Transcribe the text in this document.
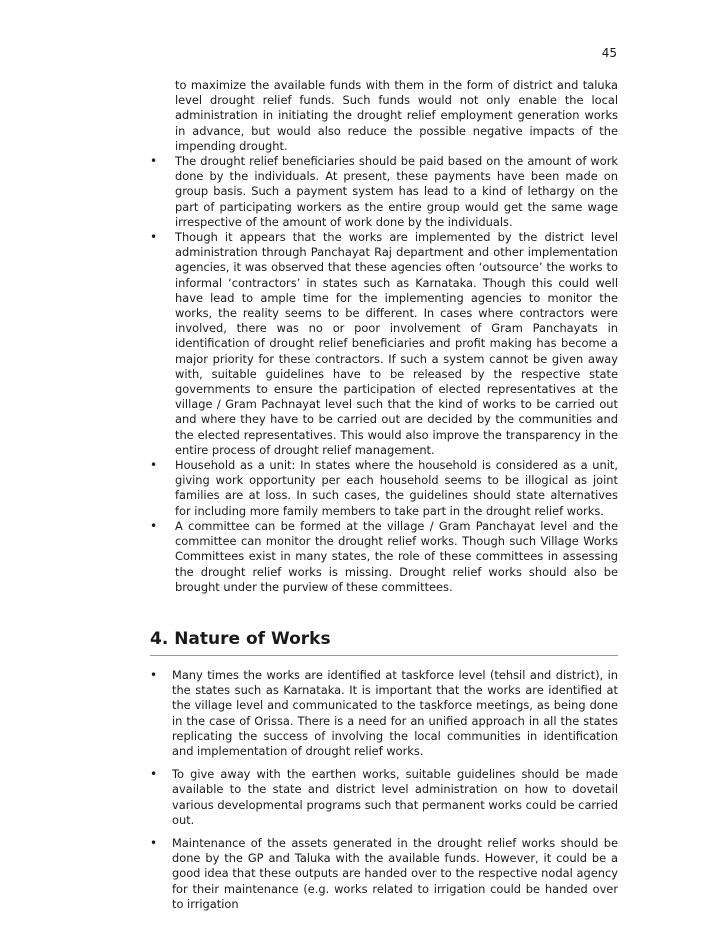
45

to maximize the available funds with them in the form of district and taluka level drought relief funds. Such funds would not only enable the local administration in initiating the drought relief employment generation works in advance, but would also reduce the possible negative impacts of the impending drought.

• The drought relief beneficiaries should be paid based on the amount of work done by the individuals. At present, these payments have been made on group basis. Such a payment system has lead to a kind of lethargy on the part of participating workers as the entire group would get the same wage irrespective of the amount of work done by the individuals.
• Though it appears that the works are implemented by the district level administration through Panchayat Raj department and other implementation agencies, it was observed that these agencies often ‘outsource’ the works to informal ‘contractors’ in states such as Karnataka. Though this could well have lead to ample time for the implementing agencies to monitor the works, the reality seems to be different. In cases where contractors were involved, there was no or poor involvement of Gram Panchayats in identification of drought relief beneficiaries and profit making has become a major priority for these contractors. If such a system cannot be given away with, suitable guidelines have to be released by the respective state governments to ensure the participation of elected representatives at the village / Gram Pachnayat level such that the kind of works to be carried out and where they have to be carried out are decided by the communities and the elected representatives. This would also improve the transparency in the entire process of drought relief management.
• Household as a unit: In states where the household is considered as a unit, giving work opportunity per each household seems to be illogical as joint families are at loss. In such cases, the guidelines should state alternatives for including more family members to take part in the drought relief works.
• A committee can be formed at the village / Gram Panchayat level and the committee can monitor the drought relief works. Though such Village Works Committees exist in many states, the role of these committees in assessing the drought relief works is missing. Drought relief works should also be brought under the purview of these committees.
4. Nature of Works
• Many times the works are identified at taskforce level (tehsil and district), in the states such as Karnataka. It is important that the works are identified at the village level and communicated to the taskforce meetings, as being done in the case of Orissa. There is a need for an unified approach in all the states replicating the success of involving the local communities in identification and implementation of drought relief works.
• To give away with the earthen works, suitable guidelines should be made available to the state and district level administration on how to dovetail various developmental programs such that permanent works could be carried out.
• Maintenance of the assets generated in the drought relief works should be done by the GP and Taluka with the available funds. However, it could be a good idea that these outputs are handed over to the respective nodal agency for their maintenance (e.g. works related to irrigation could be handed over to irrigation
